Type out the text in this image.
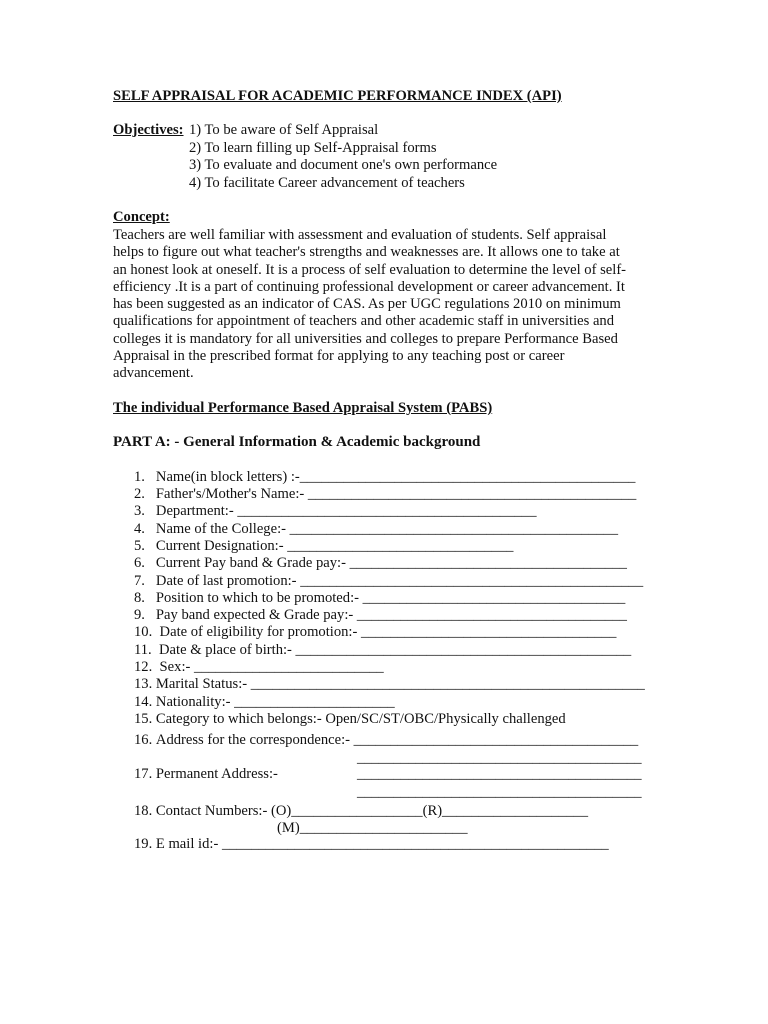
SELF APPRAISAL FOR ACADEMIC PERFORMANCE INDEX (API)
Objectives: 1) To be aware of Self Appraisal
2) To learn filling up Self-Appraisal forms
3) To evaluate and document one's own performance
4) To facilitate Career advancement of teachers
Concept:
Teachers are well familiar with assessment and evaluation of students. Self appraisal
helps to figure out what teacher's strengths and weaknesses are. It allows one to take at
an honest look at oneself. It is a process of self evaluation to determine the level of self-
efficiency .It is a part of continuing professional development or career advancement. It
has been suggested as an indicator of CAS. As per UGC regulations 2010 on minimum
qualifications for appointment of teachers and other academic staff in universities and
colleges it is mandatory for all universities and colleges to prepare Performance Based
Appraisal in the prescribed format for applying to any teaching post or career
advancement.
The individual Performance Based Appraisal System (PABS)
PART A: - General Information & Academic background
1. Name(in block letters) :-______________________________________________
2. Father's/Mother's Name:- _____________________________________________
3. Department:- _________________________________________
4. Name of the College:- _____________________________________________
5. Current Designation:- _______________________________
6. Current Pay band & Grade pay:- ______________________________________
7. Date of last promotion:- _______________________________________________
8. Position to which to be promoted:- ____________________________________
9. Pay band expected & Grade pay:- _____________________________________
10. Date of eligibility for promotion:- ___________________________________
11. Date & place of birth:- ______________________________________________
12. Sex:- __________________________
13. Marital Status:- ______________________________________________________
14. Nationality:- ______________________
15. Category to which belongs:- Open/SC/ST/OBC/Physically challenged
16. Address for the correspondence:- _______________________________________
_______________________________________
17. Permanent Address:-	_______________________________________
_______________________________________
18. Contact Numbers:- (O)__________________(R)____________________
(M)_______________________
19. E mail id:- _____________________________________________________
